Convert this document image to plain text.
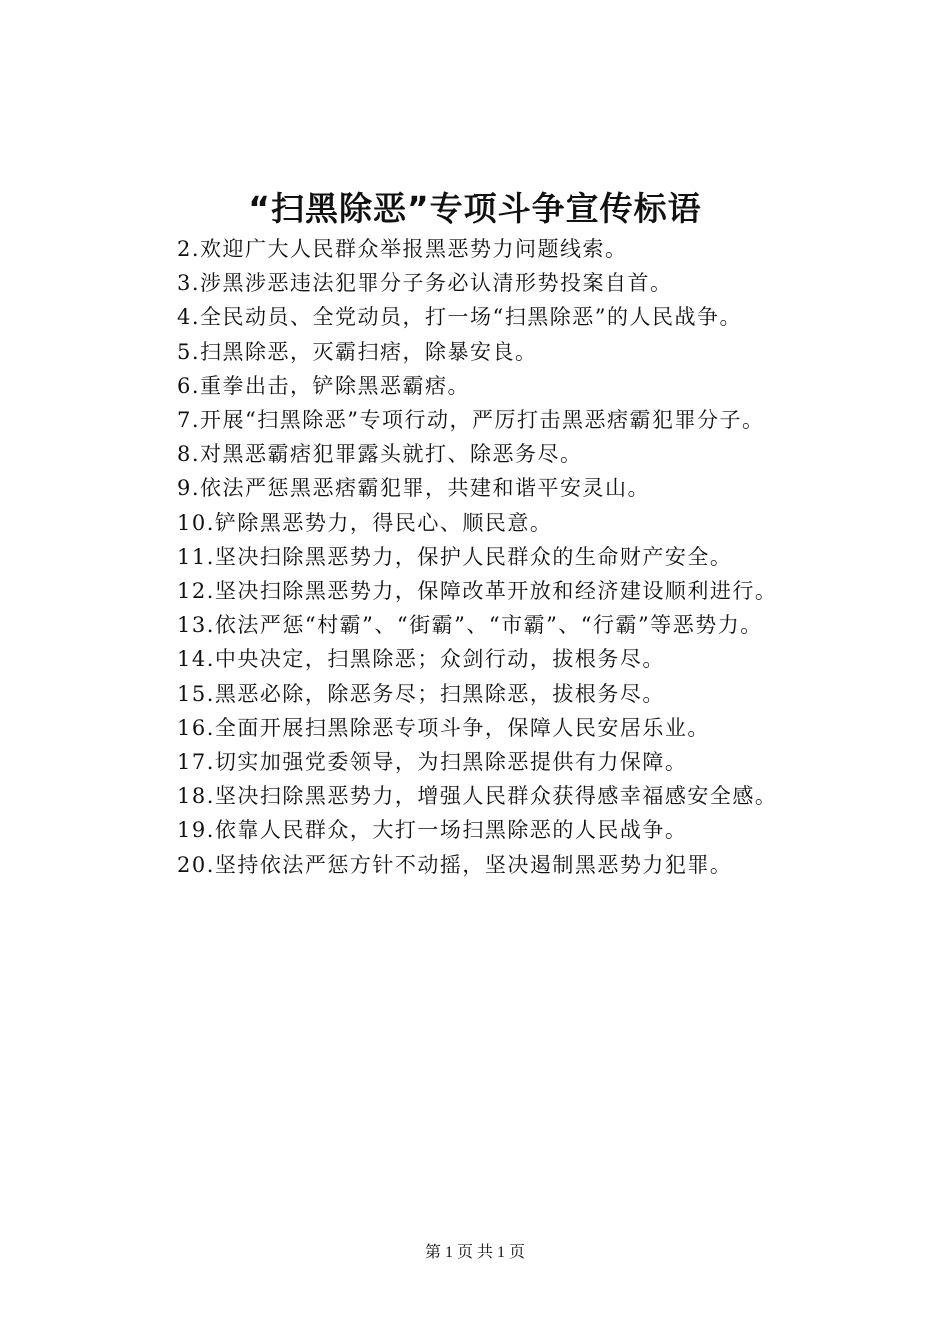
“扫黑除恶”专项斗争宣传标语

2.欢迎广大人民群众举报黑恶势力问题线索。

3.涉黑涉恶违法犯罪分子务必认清形势投案自首。

4.全民动员、全党动员，打一场“扫黑除恶”的人民战争。

5.扫黑除恶，灭霸扫痞，除暴安良。

6.重拳出击，铲除黑恶霸痞。

7.开展“扫黑除恶”专项行动，严厉打击黑恶痞霸犯罪分子。

8.对黑恶霸痞犯罪露头就打、除恶务尽。

9.依法严惩黑恶痞霸犯罪，共建和谐平安灵山。

10.铲除黑恶势力，得民心、顺民意。

11.坚决扫除黑恶势力，保护人民群众的生命财产安全。

12.坚决扫除黑恶势力，保障改革开放和经济建设顺利进行。

13.依法严惩“村霸”、“街霸”、“市霸”、“行霸”等恶势力。

14.中央决定，扫黑除恶；众剑行动，拔根务尽。

15.黑恶必除，除恶务尽；扫黑除恶，拔根务尽。

16.全面开展扫黑除恶专项斗争，保障人民安居乐业。

17.切实加强党委领导，为扫黑除恶提供有力保障。

18.坚决扫除黑恶势力，增强人民群众获得感幸福感安全感。

19.依靠人民群众，大打一场扫黑除恶的人民战争。

20.坚持依法严惩方针不动摇，坚决遏制黑恶势力犯罪。

第 1 页 共 1 页
